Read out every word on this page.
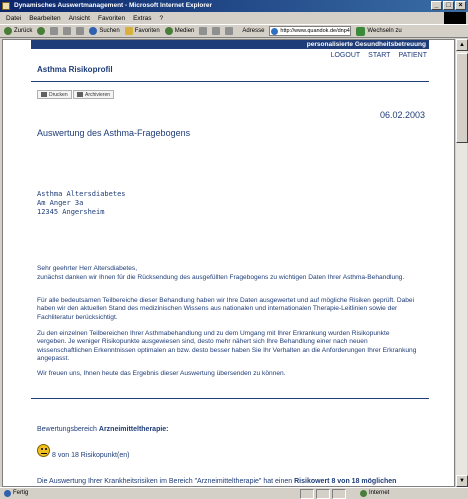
Dynamisches Auswertmanagement - Microsoft Internet Explorer	_	□	×
Datei Bearbeiten Ansicht Favoriten Extras ?
Zurück	Suchen	Favoriten	Medien	Adresse	http://www.quandok.de/dnp4	Wechseln zu
personalisierte Gesundheitsbetreuung
LOGOUT START PATIENT
Asthma Risikoprofil
Drucken	Archivieren
06.02.2003
Auswertung des Asthma-Fragebogens
Asthma Altersdiabetes
Am Anger 3a
12345 Angersheim
Sehr geehrter Herr Altersdiabetes,
zunächst danken wir Ihnen für die Rücksendung des ausgefüllten Fragebogens zu wichtigen Daten Ihrer Asthma-Behandlung.
Für alle bedeutsamen Teilbereiche dieser Behandlung haben wir Ihre Daten ausgewertet und auf mögliche Risiken geprüft. Dabei haben wir den aktuellen Stand des medizinischen Wissens aus nationalen und internationalen Therapie-Leitlinien sowie der Fachliteratur berücksichtigt.
Zu den einzelnen Teilbereichen Ihrer Asthmabehandlung und zu dem Umgang mit Ihrer Erkrankung wurden Risikopunkte vergeben. Je weniger Risikopunkte ausgewiesen sind, desto mehr nähert sich Ihre Behandlung einer nach neuen wissenschaftlichen Erkenntnissen optimalen an bzw. desto besser haben Sie Ihr Verhalten an die Anforderungen Ihrer Erkrankung angepasst.
Wir freuen uns, Ihnen heute das Ergebnis dieser Auswertung übersenden zu können.
Bewertungsbereich Arzneimitteltherapie:
8 von 18 Risikopunkt(en)
Die Auswertung Ihrer Krankheitsrisiken im Bereich "Arzneimitteltherapie" hat einen Risikowert 8 von 18 möglichen
▲
▼
Fertig	Internet
